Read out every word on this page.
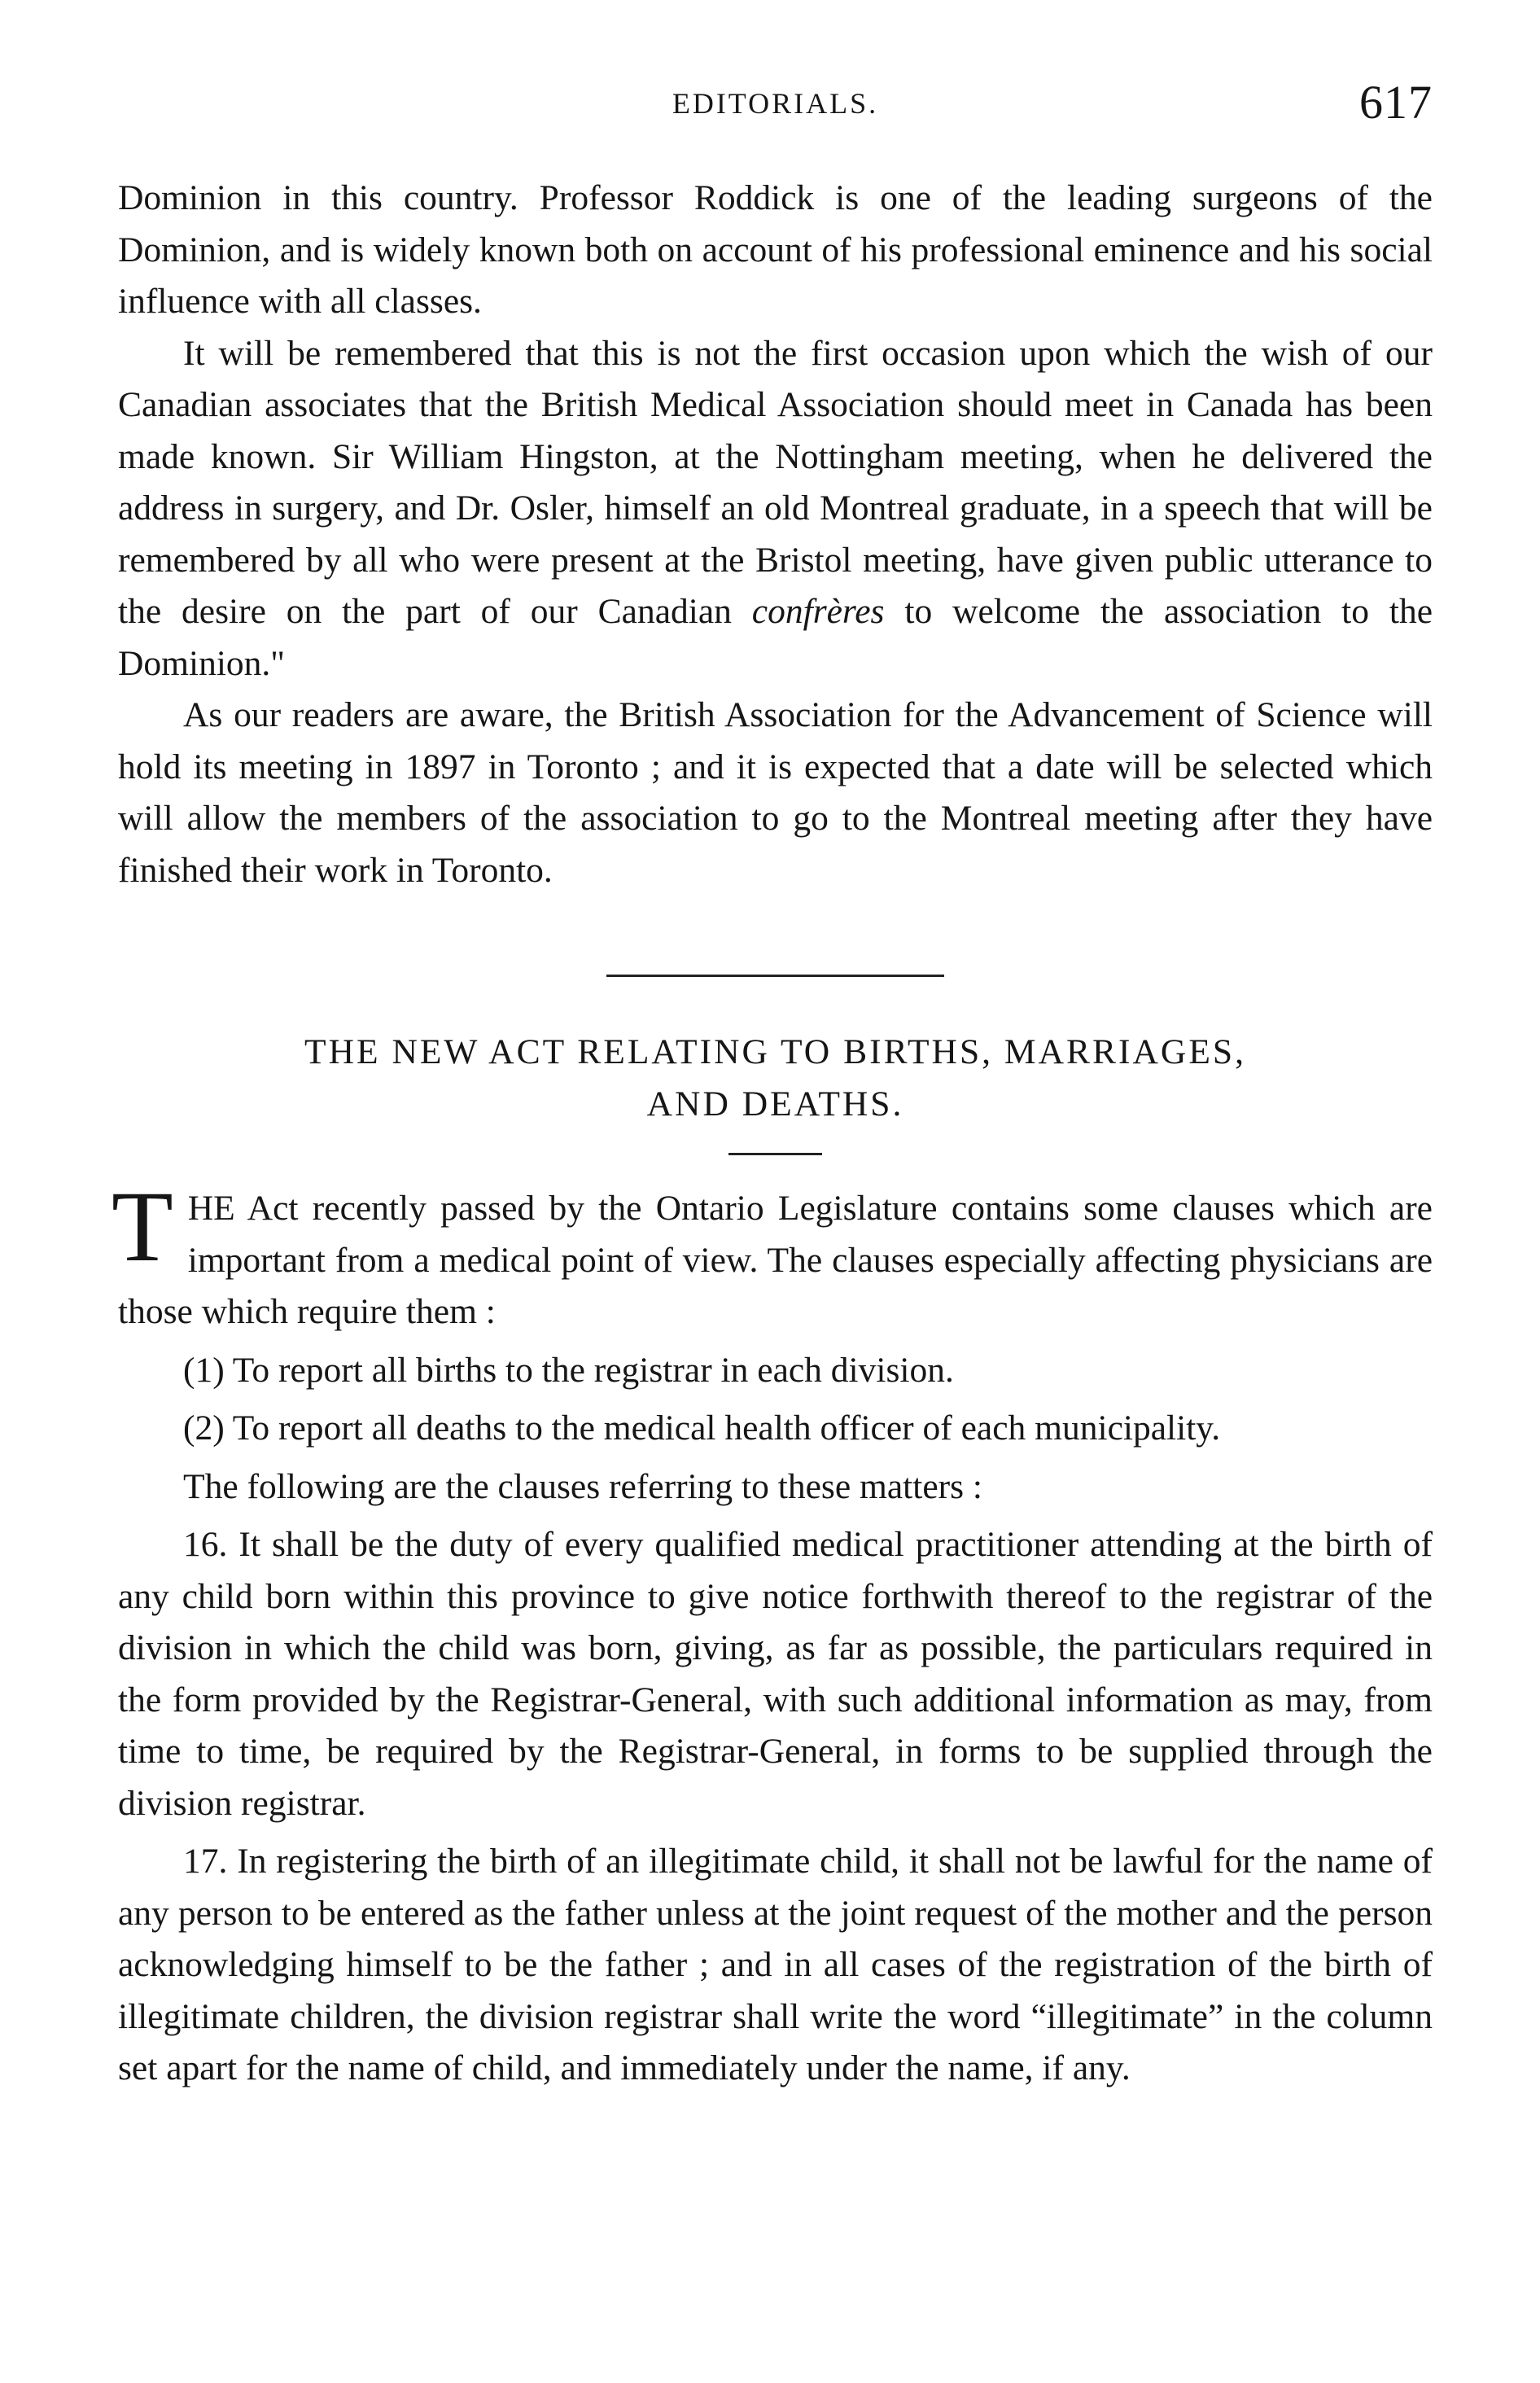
EDITORIALS.	617

Dominion in this country. Professor Roddick is one of the leading surgeons of the Dominion, and is widely known both on account of his professional eminence and his social influence with all classes.

It will be remembered that this is not the first occasion upon which the wish of our Canadian associates that the British Medical Association should meet in Canada has been made known. Sir William Hingston, at the Nottingham meeting, when he delivered the address in surgery, and Dr. Osler, himself an old Montreal graduate, in a speech that will be remembered by all who were present at the Bristol meeting, have given public utterance to the desire on the part of our Canadian confrères to welcome the association to the Dominion."

As our readers are aware, the British Association for the Advancement of Science will hold its meeting in 1897 in Toronto ; and it is expected that a date will be selected which will allow the members of the association to go to the Montreal meeting after they have finished their work in Toronto.

THE NEW ACT RELATING TO BIRTHS, MARRIAGES,
AND DEATHS.

THE Act recently passed by the Ontario Legislature contains some clauses which are important from a medical point of view. The clauses especially affecting physicians are those which require them :

(1) To report all births to the registrar in each division.

(2) To report all deaths to the medical health officer of each municipality.

The following are the clauses referring to these matters :

16. It shall be the duty of every qualified medical practitioner attending at the birth of any child born within this province to give notice forthwith thereof to the registrar of the division in which the child was born, giving, as far as possible, the particulars required in the form provided by the Registrar-General, with such additional information as may, from time to time, be required by the Registrar-General, in forms to be supplied through the division registrar.

17. In registering the birth of an illegitimate child, it shall not be lawful for the name of any person to be entered as the father unless at the joint request of the mother and the person acknowledging himself to be the father ; and in all cases of the registration of the birth of illegitimate children, the division registrar shall write the word “illegitimate” in the column set apart for the name of child, and immediately under the name, if any.
